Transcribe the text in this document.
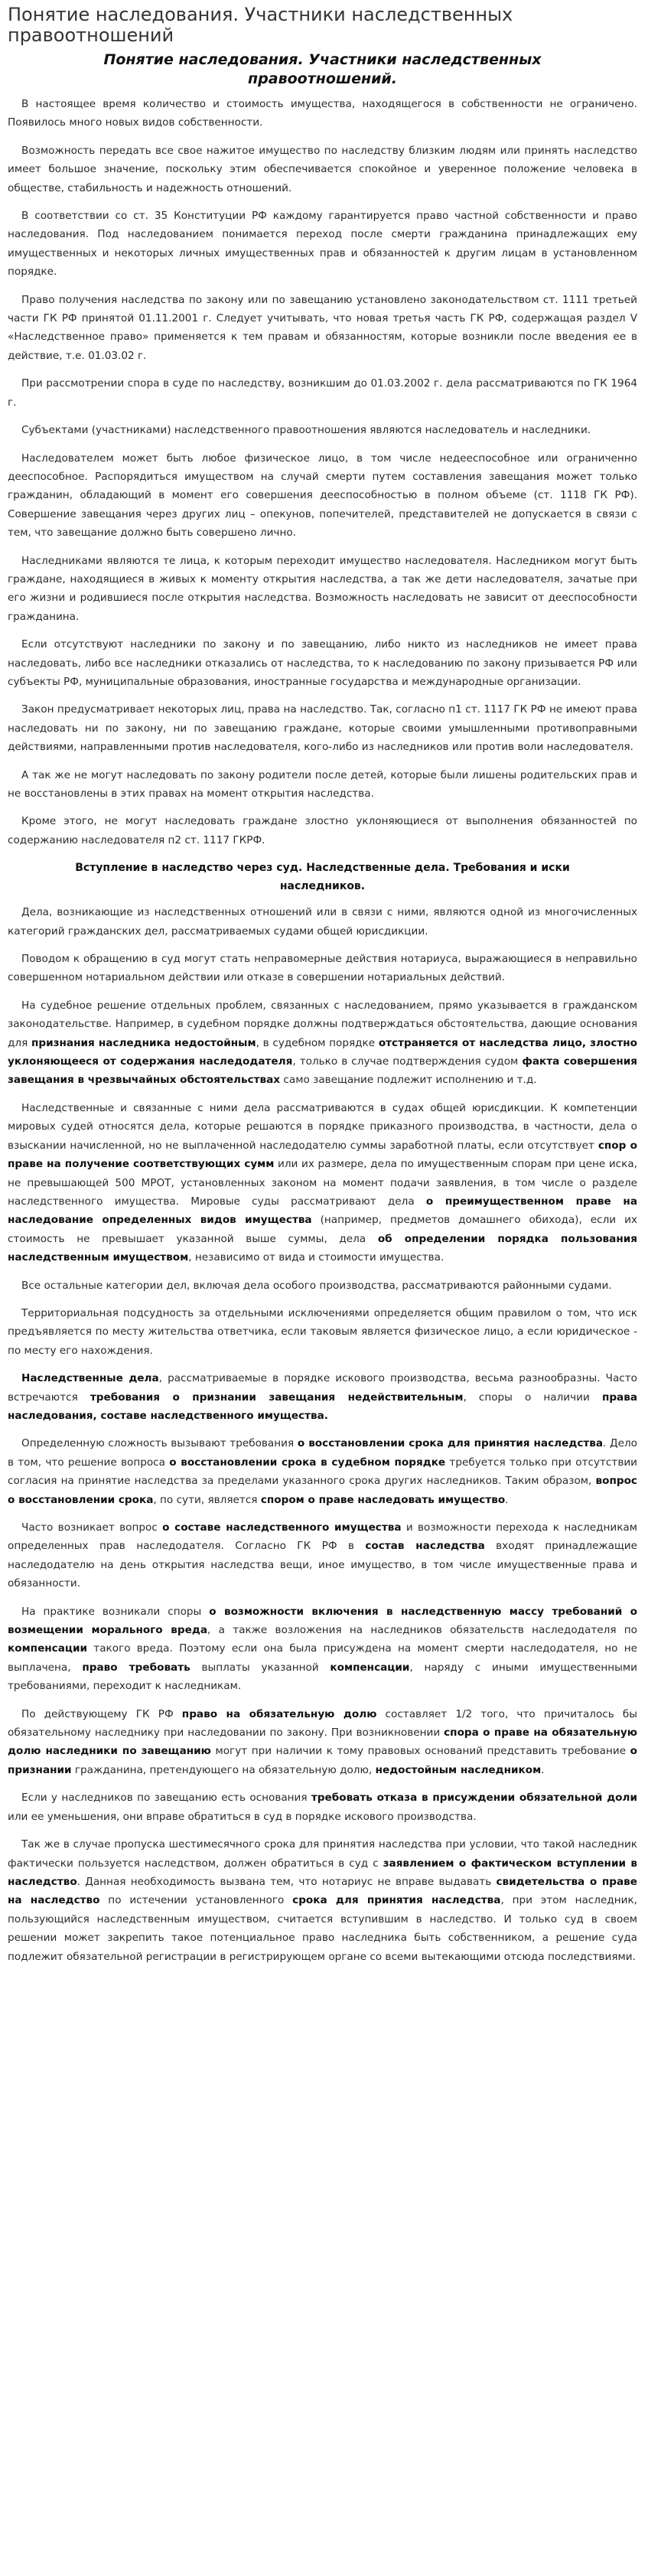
Понятие наследования. Участники наследственных правоотношений
Понятие наследования. Участники наследственных правоотношений.

В настоящее время количество и стоимость имущества, находящегося в собственности не ограничено. Появилось много новых видов собственности.

Возможность передать все свое нажитое имущество по наследству близким людям или принять наследство имеет большое значение, поскольку этим обеспечивается спокойное и уверенное положение человека в обществе, стабильность и надежность отношений.

В соответствии со ст. 35 Конституции РФ каждому гарантируется право частной собственности и право наследования. Под наследованием понимается переход после смерти гражданина принадлежащих ему имущественных и некоторых личных имущественных прав и обязанностей к другим лицам в установленном порядке.

Право получения наследства по закону или по завещанию установлено законодательством ст. 1111 третьей части ГК РФ принятой 01.11.2001 г. Следует учитывать, что новая третья часть ГК РФ, содержащая раздел V «Наследственное право» применяется к тем правам и обязанностям, которые возникли после введения ее в действие, т.е. 01.03.02 г.

При рассмотрении спора в суде по наследству, возникшим до 01.03.2002 г. дела рассматриваются по ГК 1964 г.

Субъектами (участниками) наследственного правоотношения являются наследователь и наследники.

Наследователем может быть любое физическое лицо, в том числе недееспособное или ограниченно дееспособное. Распорядиться имуществом на случай смерти путем составления завещания может только гражданин, обладающий в момент его совершения дееспособностью в полном объеме (ст. 1118 ГК РФ). Совершение завещания через других лиц – опекунов, попечителей, представителей не допускается в связи с тем, что завещание должно быть совершено лично.

Наследниками являются те лица, к которым переходит имущество наследователя. Наследником могут быть граждане, находящиеся в живых к моменту открытия наследства, а так же дети наследователя, зачатые при его жизни и родившиеся после открытия наследства. Возможность наследовать не зависит от дееспособности гражданина.

Если отсутствуют наследники по закону и по завещанию, либо никто из наследников не имеет права наследовать, либо все наследники отказались от наследства, то к наследованию по закону призывается РФ или субъекты РФ, муниципальные образования, иностранные государства и международные организации.

Закон предусматривает некоторых лиц, права на наследство. Так, согласно п1 ст. 1117 ГК РФ не имеют права наследовать ни по закону, ни по завещанию граждане, которые своими умышленными противоправными действиями, направленными против наследователя, кого-либо из наследников или против воли наследователя.

А так же не могут наследовать по закону родители после детей, которые были лишены родительских прав и не восстановлены в этих правах на момент открытия наследства.

Кроме этого, не могут наследовать граждане злостно уклоняющиеся от выполнения обязанностей по содержанию наследователя п2 ст. 1117 ГКРФ.

Вступление в наследство через суд. Наследственные дела. Требования и иски наследников.

Дела, возникающие из наследственных отношений или в связи с ними, являются одной из многочисленных категорий гражданских дел, рассматриваемых судами общей юрисдикции.

Поводом к обращению в суд могут стать неправомерные действия нотариуса, выражающиеся в неправильно совершенном нотариальном действии или отказе в совершении нотариальных действий.

На судебное решение отдельных проблем, связанных с наследованием, прямо указывается в гражданском законодательстве. Например, в судебном порядке должны подтверждаться обстоятельства, дающие основания для признания наследника недостойным, в судебном порядке отстраняется от наследства лицо, злостно уклоняющееся от содержания наследодателя, только в случае подтверждения судом факта совершения завещания в чрезвычайных обстоятельствах само завещание подлежит исполнению и т.д.

Наследственные и связанные с ними дела рассматриваются в судах общей юрисдикции. К компетенции мировых судей относятся дела, которые решаются в порядке приказного производства, в частности, дела о взыскании начисленной, но не выплаченной наследодателю суммы заработной платы, если отсутствует спор о праве на получение соответствующих сумм или их размере, дела по имущественным спорам при цене иска, не превышающей 500 МРОТ, установленных законом на момент подачи заявления, в том числе о разделе наследственного имущества. Мировые суды рассматривают дела о преимущественном праве на наследование определенных видов имущества (например, предметов домашнего обихода), если их стоимость не превышает указанной выше суммы, дела об определении порядка пользования наследственным имуществом, независимо от вида и стоимости имущества.

Все остальные категории дел, включая дела особого производства, рассматриваются районными судами.

Территориальная подсудность за отдельными исключениями определяется общим правилом о том, что иск предъявляется по месту жительства ответчика, если таковым является физическое лицо, а если юридическое - по месту его нахождения.

Наследственные дела, рассматриваемые в порядке искового производства, весьма разнообразны. Часто встречаются требования о признании завещания недействительным, споры о наличии права наследования, составе наследственного имущества.

Определенную сложность вызывают требования о восстановлении срока для принятия наследства. Дело в том, что решение вопроса о восстановлении срока в судебном порядке требуется только при отсутствии согласия на принятие наследства за пределами указанного срока других наследников. Таким образом, вопрос о восстановлении срока, по сути, является спором о праве наследовать имущество.

Часто возникает вопрос о составе наследственного имущества и возможности перехода к наследникам определенных прав наследодателя. Согласно ГК РФ в состав наследства входят принадлежащие наследодателю на день открытия наследства вещи, иное имущество, в том числе имущественные права и обязанности.

На практике возникали споры о возможности включения в наследственную массу требований о возмещении морального вреда, а также возложения на наследников обязательств наследодателя по компенсации такого вреда. Поэтому если она была присуждена на момент смерти наследодателя, но не выплачена, право требовать выплаты указанной компенсации, наряду с иными имущественными требованиями, переходит к наследникам.

По действующему ГК РФ право на обязательную долю составляет 1/2 того, что причиталось бы обязательному наследнику при наследовании по закону. При возникновении спора о праве на обязательную долю наследники по завещанию могут при наличии к тому правовых оснований представить требование о признании гражданина, претендующего на обязательную долю, недостойным наследником.

Если у наследников по завещанию есть основания требовать отказа в присуждении обязательной доли или ее уменьшения, они вправе обратиться в суд в порядке искового производства.

Так же в случае пропуска шестимесячного срока для принятия наследства при условии, что такой наследник фактически пользуется наследством, должен обратиться в суд с заявлением о фактическом вступлении в наследство. Данная необходимость вызвана тем, что нотариус не вправе выдавать свидетельства о праве на наследство по истечении установленного срока для принятия наследства, при этом наследник, пользующийся наследственным имуществом, считается вступившим в наследство. И только суд в своем решении может закрепить такое потенциальное право наследника быть собственником, а решение суда подлежит обязательной регистрации в регистрирующем органе со всеми вытекающими отсюда последствиями.
